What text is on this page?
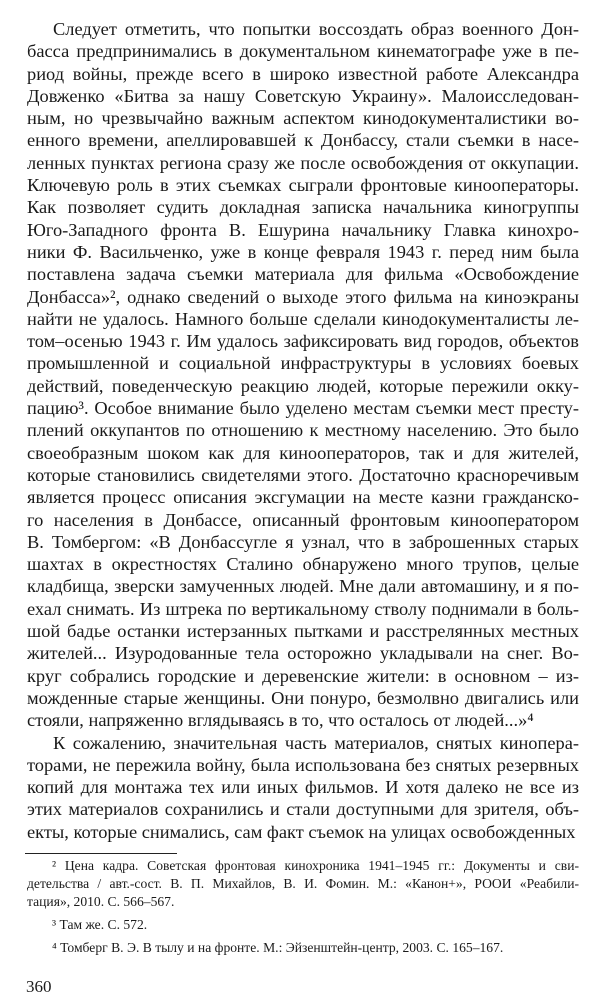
Следует отметить, что попытки воссоздать образ военного Дон-
басса предпринимались в документальном кинематографе уже в пе-
риод войны, прежде всего в широко известной работе Александра
Довженко «Битва за нашу Советскую Украину». Малоисследован-
ным, но чрезвычайно важным аспектом кинодокументалистики во-
енного времени, апеллировавшей к Донбассу, стали съемки в насе-
ленных пунктах региона сразу же после освобождения от оккупации.
Ключевую роль в этих съемках сыграли фронтовые кинооператоры.
Как позволяет судить докладная записка начальника киногруппы
Юго-Западного фронта В. Ешурина начальнику Главка кинохро-
ники Ф. Васильченко, уже в конце февраля 1943 г. перед ним была
поставлена задача съемки материала для фильма «Освобождение
Донбасса»², однако сведений о выходе этого фильма на киноэкраны
найти не удалось. Намного больше сделали кинодокументалисты ле-
том–осенью 1943 г. Им удалось зафиксировать вид городов, объектов
промышленной и социальной инфраструктуры в условиях боевых
действий, поведенческую реакцию людей, которые пережили окку-
пацию³. Особое внимание было уделено местам съемки мест престу-
плений оккупантов по отношению к местному населению. Это было
своеобразным шоком как для кинооператоров, так и для жителей,
которые становились свидетелями этого. Достаточно красноречивым
является процесс описания эксгумации на месте казни гражданско-
го населения в Донбассе, описанный фронтовым кинооператором
В. Томбергом: «В Донбассугле я узнал, что в заброшенных старых
шахтах в окрестностях Сталино обнаружено много трупов, целые
кладбища, зверски замученных людей. Мне дали автомашину, и я по-
ехал снимать. Из штрека по вертикальному стволу поднимали в боль-
шой бадье останки истерзанных пытками и расстрелянных местных
жителей... Изуродованные тела осторожно укладывали на снег. Во-
круг собрались городские и деревенские жители: в основном – из-
можденные старые женщины. Они понуро, безмолвно двигались или
стояли, напряженно вглядываясь в то, что осталось от людей...»⁴
К сожалению, значительная часть материалов, снятых кинопера-
торами, не пережила войну, была использована без снятых резервных
копий для монтажа тех или иных фильмов. И хотя далеко не все из
этих материалов сохранились и стали доступными для зрителя, объ-
екты, которые снимались, сам факт съемок на улицах освобожденных
² Цена кадра. Советская фронтовая кинохроника 1941–1945 гг.: Документы и сви-
детельства / авт.-сост. В. П. Михайлов, В. И. Фомин. М.: «Канон+», РООИ «Реабили-
тация», 2010. С. 566–567.
³ Там же. С. 572.
⁴ Томберг В. Э. В тылу и на фронте. М.: Эйзенштейн-центр, 2003. С. 165–167.
360
